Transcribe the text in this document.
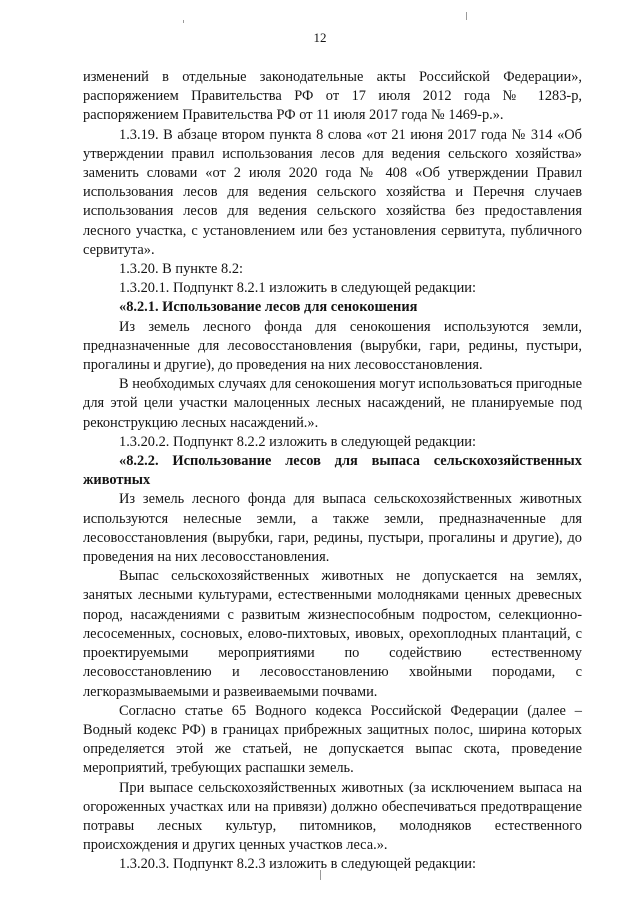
12

изменений в отдельные законодательные акты Российской Федерации», распоряжением Правительства РФ от 17 июля 2012 года № 1283-р, распоряжением Правительства РФ от 11 июля 2017 года № 1469-р.».

1.3.19. В абзаце втором пункта 8 слова «от 21 июня 2017 года № 314 «Об утверждении правил использования лесов для ведения сельского хозяйства» заменить словами «от 2 июля 2020 года № 408 «Об утверждении Правил использования лесов для ведения сельского хозяйства и Перечня случаев использования лесов для ведения сельского хозяйства без предоставления лесного участка, с установлением или без установления сервитута, публичного сервитута».

1.3.20. В пункте 8.2:

1.3.20.1. Подпункт 8.2.1 изложить в следующей редакции:

«8.2.1. Использование лесов для сенокошения

Из земель лесного фонда для сенокошения используются земли, предназначенные для лесовосстановления (вырубки, гари, редины, пустыри, прогалины и другие), до проведения на них лесовосстановления.

В необходимых случаях для сенокошения могут использоваться пригодные для этой цели участки малоценных лесных насаждений, не планируемые под реконструкцию лесных насаждений.».

1.3.20.2. Подпункт 8.2.2 изложить в следующей редакции:

«8.2.2. Использование лесов для выпаса сельскохозяйственных животных

Из земель лесного фонда для выпаса сельскохозяйственных животных используются нелесные земли, а также земли, предназначенные для лесовосстановления (вырубки, гари, редины, пустыри, прогалины и другие), до проведения на них лесовосстановления.

Выпас сельскохозяйственных животных не допускается на землях, занятых лесными культурами, естественными молодняками ценных древесных пород, насаждениями с развитым жизнеспособным подростом, селекционно-лесосеменных, сосновых, елово-пихтовых, ивовых, орехоплодных плантаций, с проектируемыми мероприятиями по содействию естественному лесовосстановлению и лесовосстановлению хвойными породами, с легкоразмываемыми и развеиваемыми почвами.

Согласно статье 65 Водного кодекса Российской Федерации (далее – Водный кодекс РФ) в границах прибрежных защитных полос, ширина которых определяется этой же статьей, не допускается выпас скота, проведение мероприятий, требующих распашки земель.

При выпасе сельскохозяйственных животных (за исключением выпаса на огороженных участках или на привязи) должно обеспечиваться предотвращение потравы лесных культур, питомников, молодняков естественного происхождения и других ценных участков леса.».

1.3.20.3. Подпункт 8.2.3 изложить в следующей редакции:
